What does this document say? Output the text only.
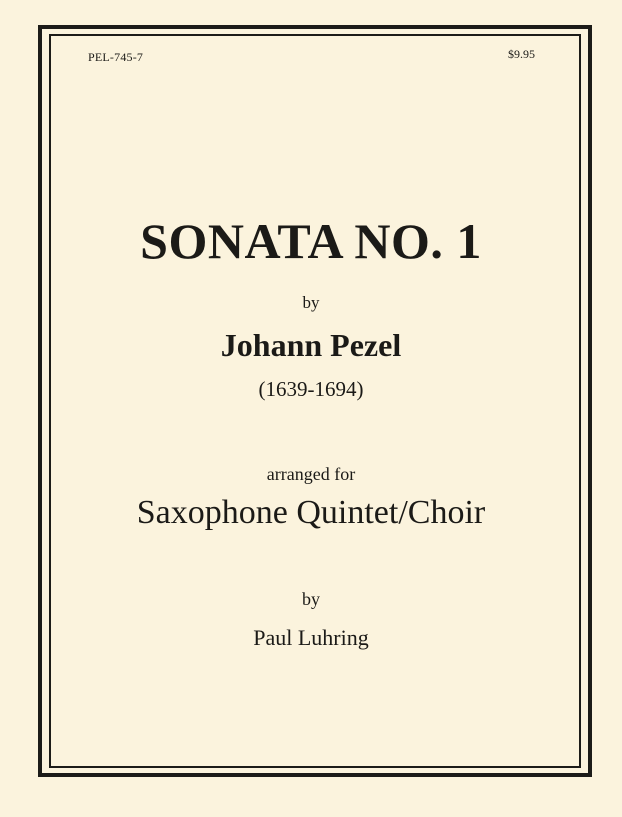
PEL-745-7	$9.95
SONATA NO. 1
by
Johann Pezel
(1639-1694)
arranged for
Saxophone Quintet/Choir
by
Paul Luhring
